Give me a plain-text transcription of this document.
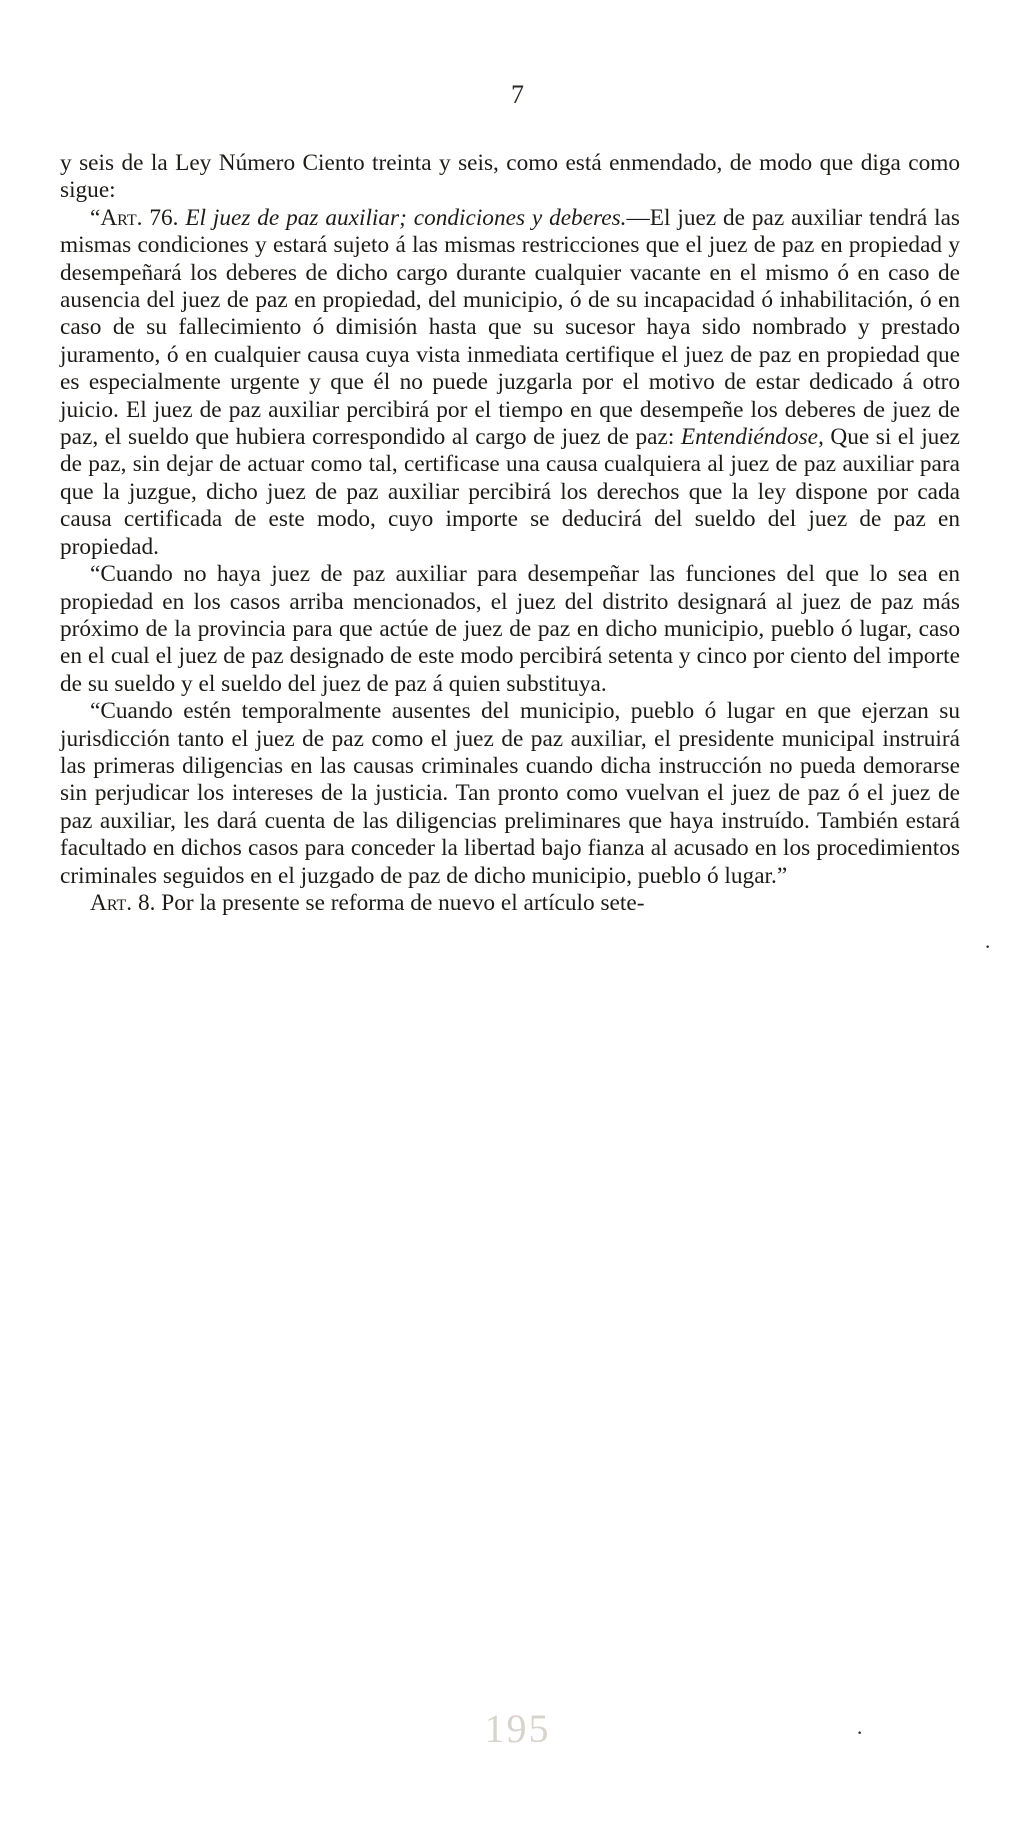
7

y seis de la Ley Número Ciento treinta y seis, como está enmendado, de modo que diga como sigue:

“Art. 76. El juez de paz auxiliar; condiciones y deberes.—El juez de paz auxiliar tendrá las mismas condiciones y estará sujeto á las mismas restricciones que el juez de paz en propiedad y desempeñará los deberes de dicho cargo durante cualquier vacante en el mismo ó en caso de ausencia del juez de paz en propiedad, del municipio, ó de su incapacidad ó inhabilitación, ó en caso de su fallecimiento ó dimisión hasta que su sucesor haya sido nombrado y prestado juramento, ó en cualquier causa cuya vista inmediata certifique el juez de paz en propiedad que es especialmente urgente y que él no puede juzgarla por el motivo de estar dedicado á otro juicio. El juez de paz auxiliar percibirá por el tiempo en que desempeñe los deberes de juez de paz, el sueldo que hubiera correspondido al cargo de juez de paz: Entendiéndose, Que si el juez de paz, sin dejar de actuar como tal, certificase una causa cualquiera al juez de paz auxiliar para que la juzgue, dicho juez de paz auxiliar percibirá los derechos que la ley dispone por cada causa certificada de este modo, cuyo importe se deducirá del sueldo del juez de paz en propiedad.

“Cuando no haya juez de paz auxiliar para desempeñar las funciones del que lo sea en propiedad en los casos arriba mencionados, el juez del distrito designará al juez de paz más próximo de la provincia para que actúe de juez de paz en dicho municipio, pueblo ó lugar, caso en el cual el juez de paz designado de este modo percibirá setenta y cinco por ciento del importe de su sueldo y el sueldo del juez de paz á quien substituya.

“Cuando estén temporalmente ausentes del municipio, pueblo ó lugar en que ejerzan su jurisdicción tanto el juez de paz como el juez de paz auxiliar, el presidente municipal instruirá las primeras diligencias en las causas criminales cuando dicha instrucción no pueda demorarse sin perjudicar los intereses de la justicia. Tan pronto como vuelvan el juez de paz ó el juez de paz auxiliar, les dará cuenta de las diligencias preliminares que haya instruído. También estará facultado en dichos casos para conceder la libertad bajo fianza al acusado en los procedimientos criminales seguidos en el juzgado de paz de dicho municipio, pueblo ó lugar.”

Art. 8. Por la presente se reforma de nuevo el artículo sete-

·
·
195
